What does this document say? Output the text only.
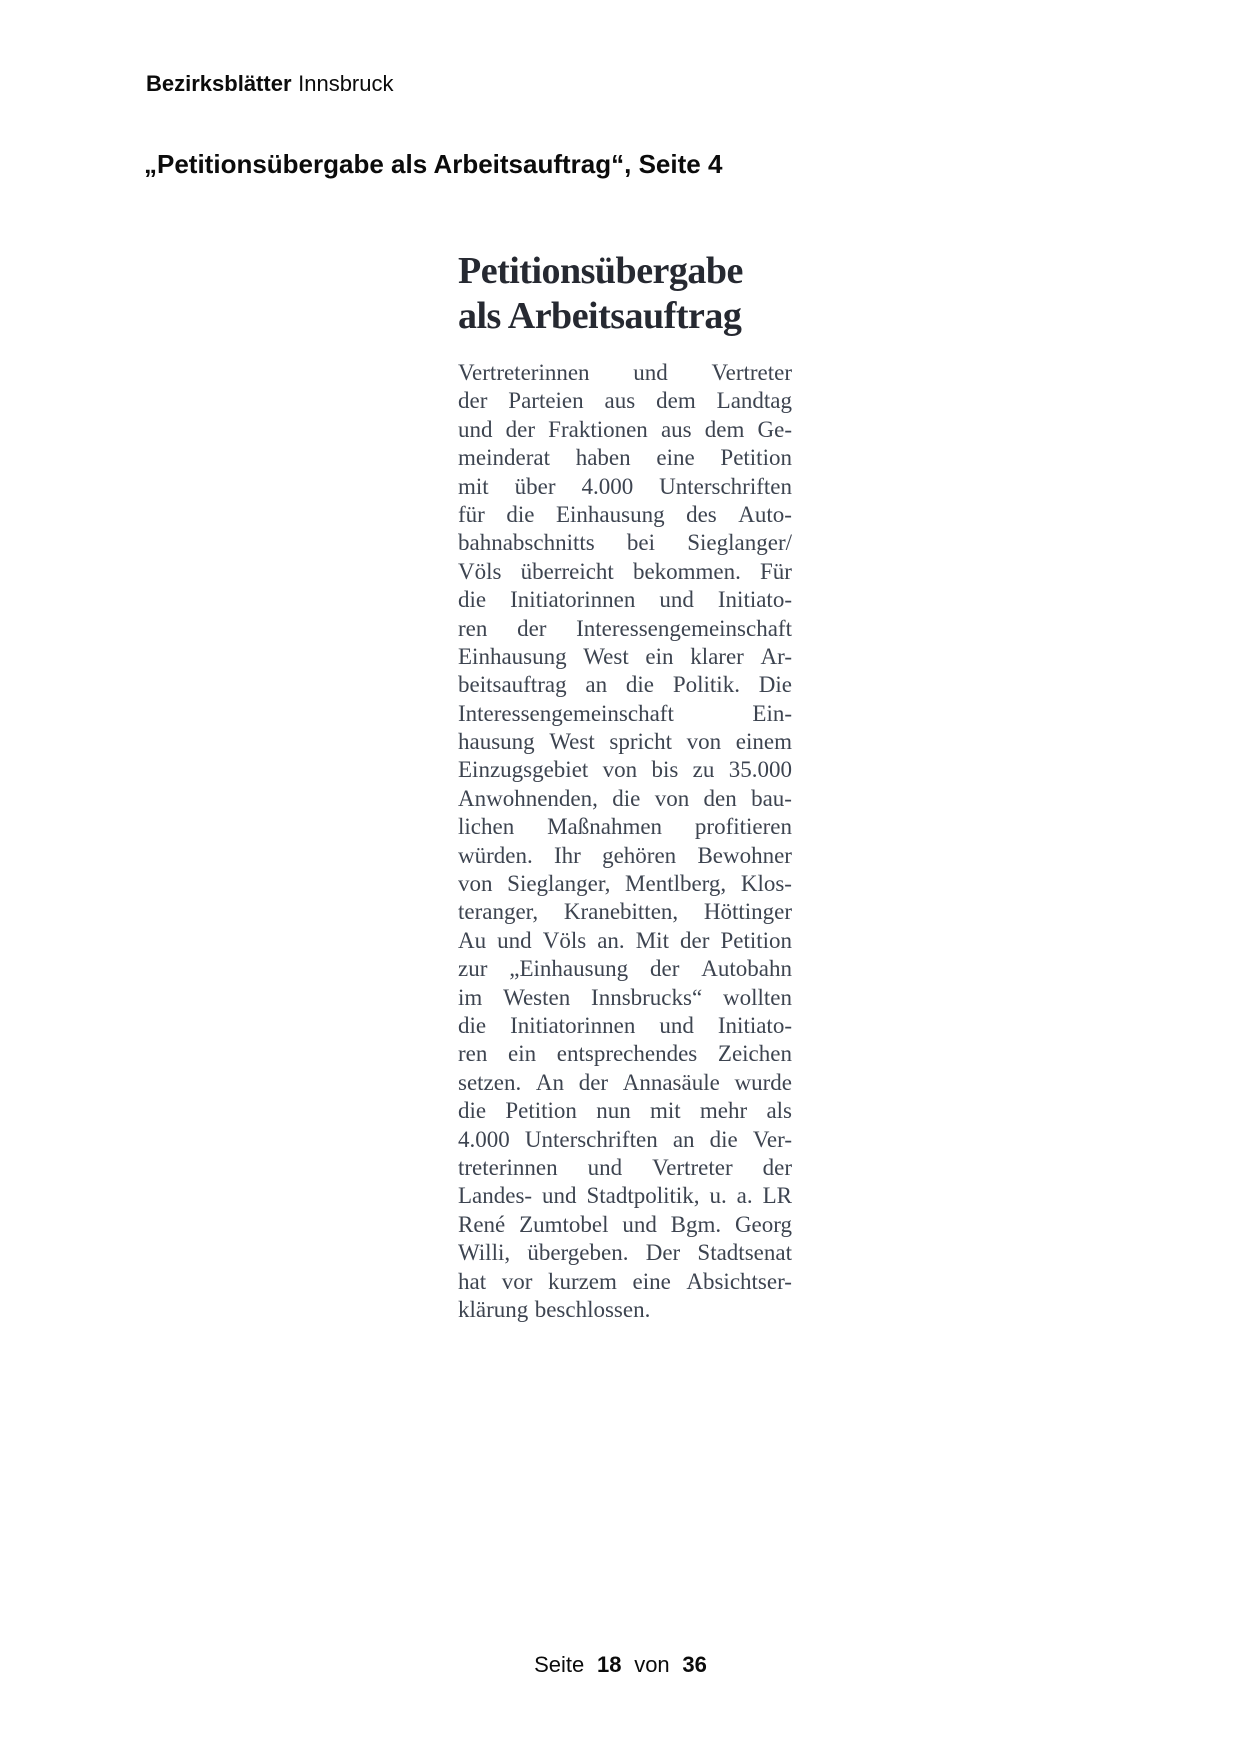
Bezirksblätter Innsbruck
„Petitionsübergabe als Arbeitsauftrag“, Seite 4
Petitionsübergabe
als Arbeitsauftrag
Vertreterinnen und Vertreter
der Parteien aus dem Landtag
und der Fraktionen aus dem Ge-
meinderat haben eine Petition
mit über 4.000 Unterschriften
für die Einhausung des Auto-
bahnabschnitts bei Sieglanger/
Völs überreicht bekommen. Für
die Initiatorinnen und Initiato-
ren der Interessengemeinschaft
Einhausung West ein klarer Ar-
beitsauftrag an die Politik. Die
Interessengemeinschaft	Ein-
hausung West spricht von einem
Einzugsgebiet von bis zu 35.000
Anwohnenden, die von den bau-
lichen Maßnahmen profitieren
würden. Ihr gehören Bewohner
von Sieglanger, Mentlberg, Klos-
teranger, Kranebitten, Höttinger
Au und Völs an. Mit der Petition
zur „Einhausung der Autobahn
im Westen Innsbrucks“ wollten
die Initiatorinnen und Initiato-
ren ein entsprechendes Zeichen
setzen. An der Annasäule wurde
die Petition nun mit mehr als
4.000 Unterschriften an die Ver-
treterinnen und Vertreter der
Landes- und Stadtpolitik, u. a. LR
René Zumtobel und Bgm. Georg
Willi, übergeben. Der Stadtsenat
hat vor kurzem eine Absichtser-
klärung beschlossen.
Seite 18 von 36
